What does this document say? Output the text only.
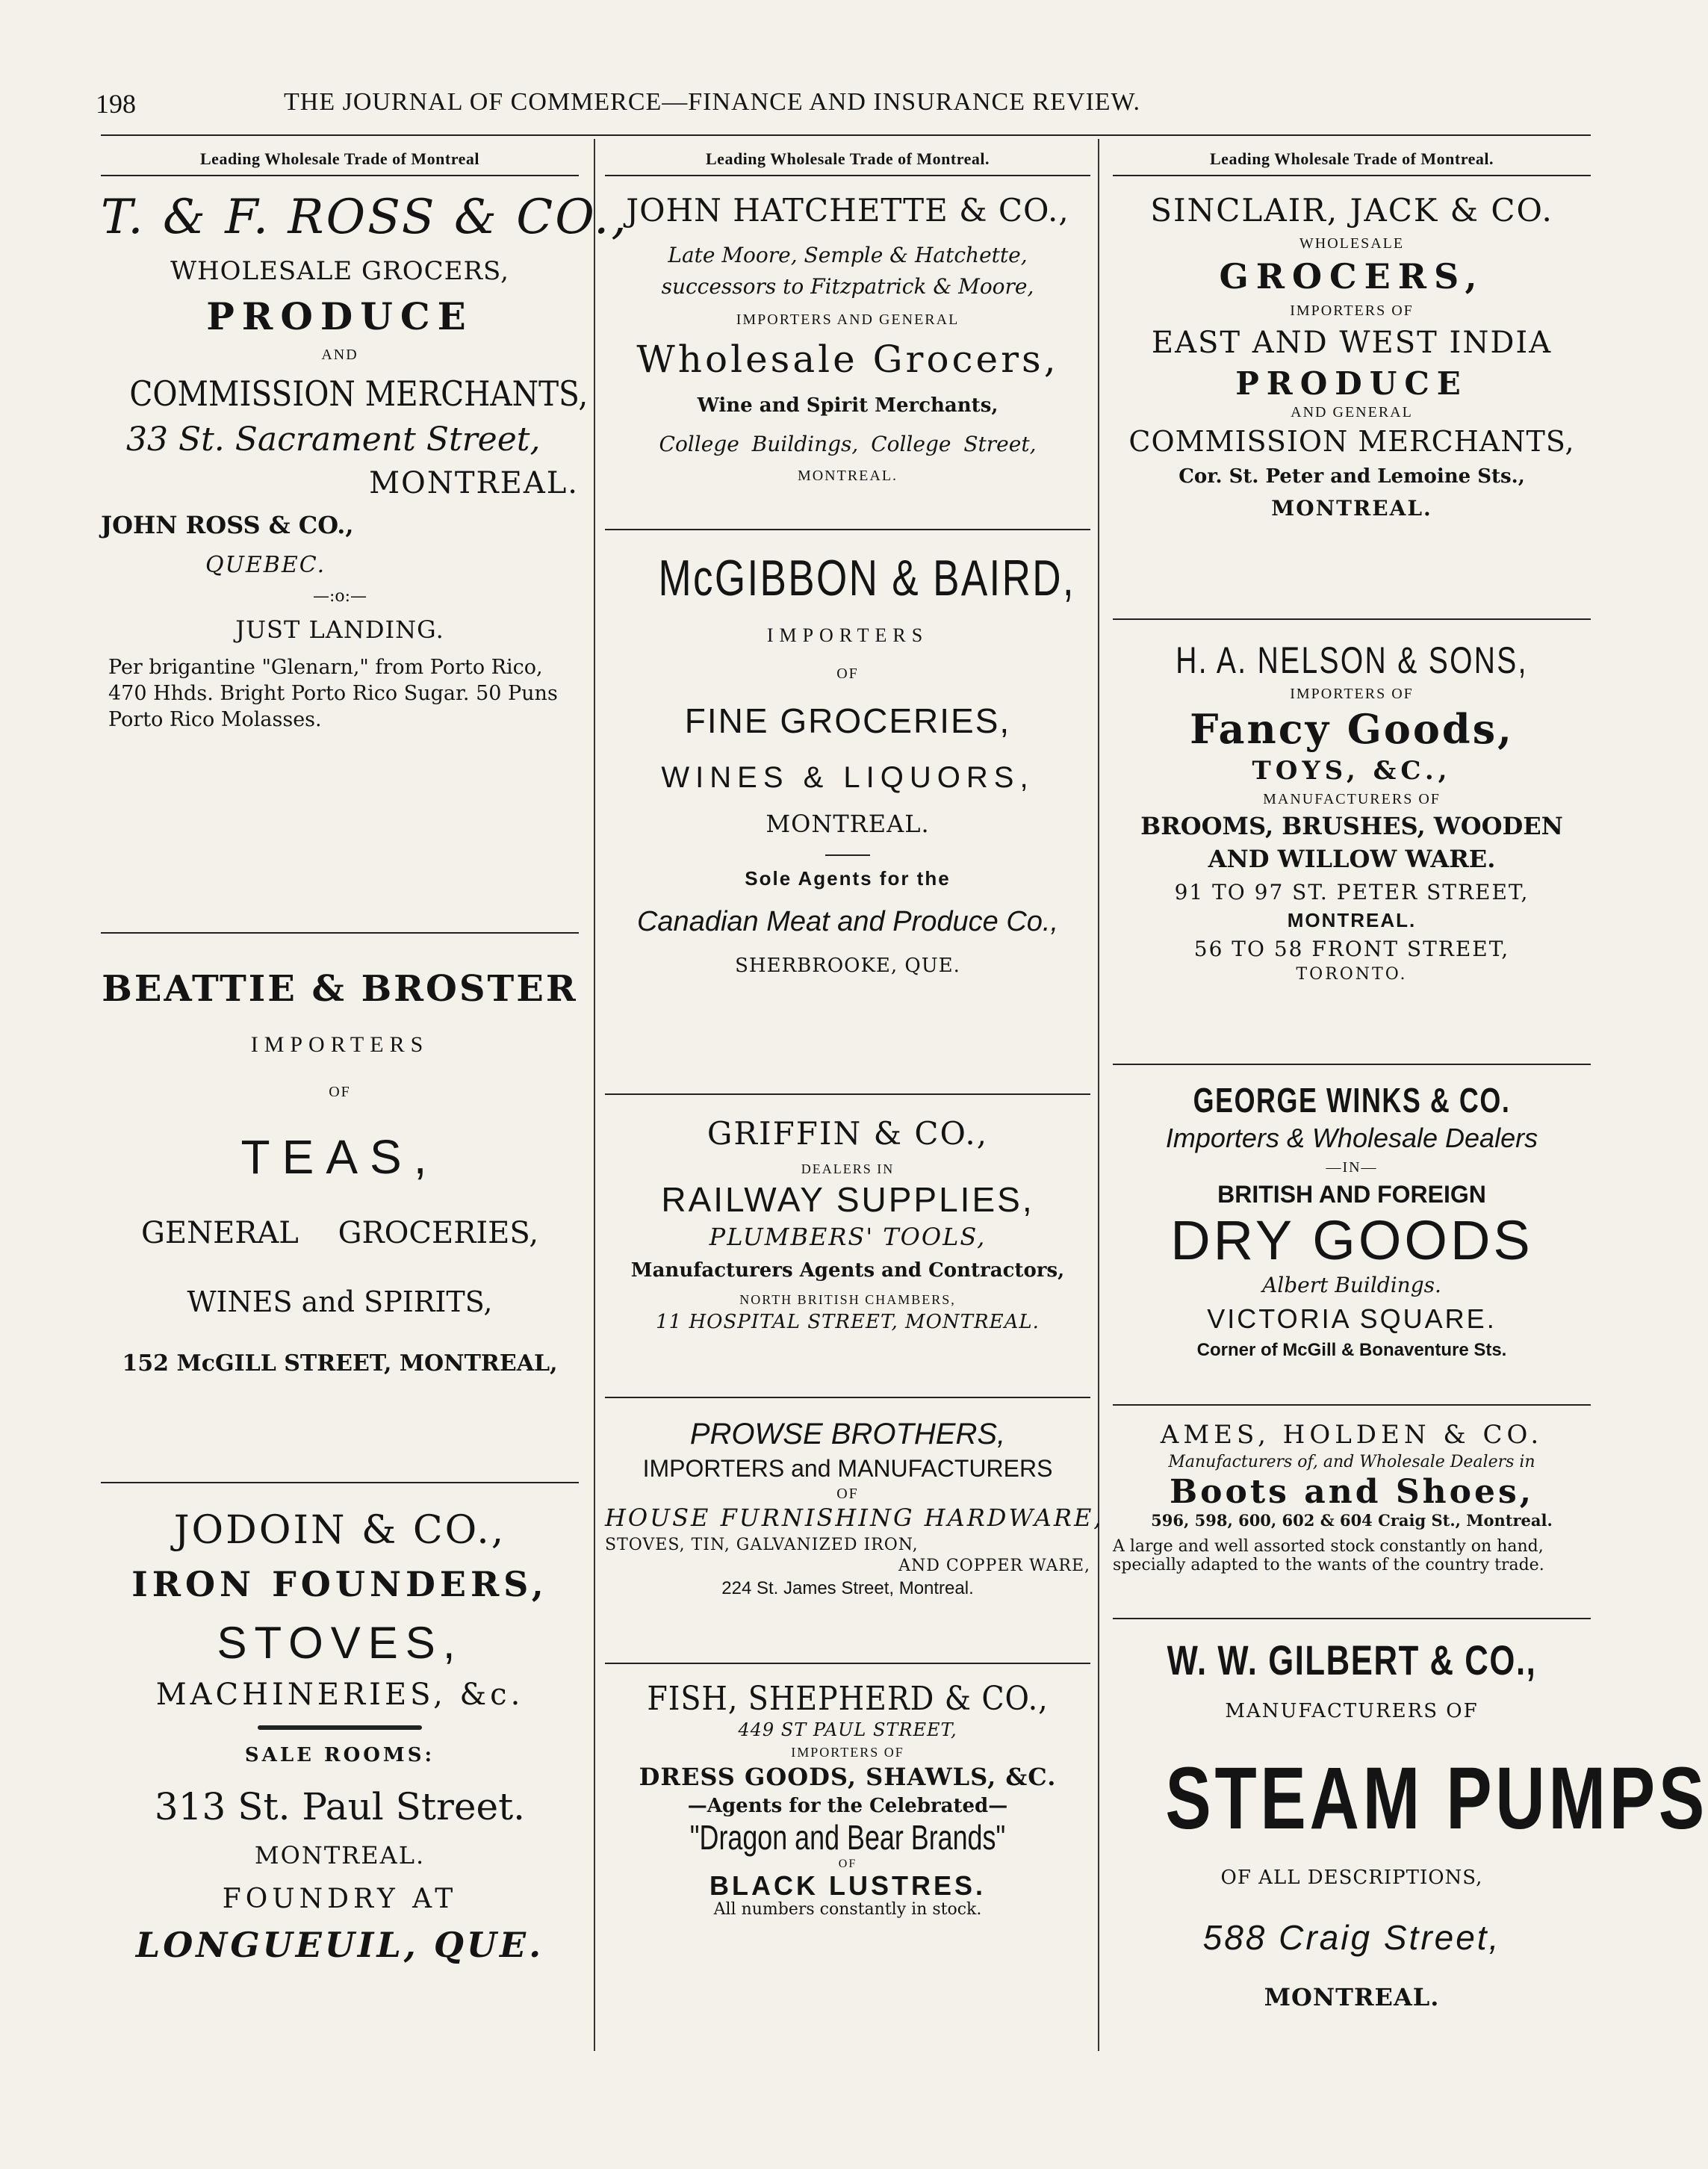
198	THE JOURNAL OF COMMERCE—FINANCE AND INSURANCE REVIEW.
Leading Wholesale Trade of Montreal
T. & F. ROSS & CO.,
WHOLESALE GROCERS,
PRODUCE
AND
COMMISSION MERCHANTS,
33 St. Sacrament Street,
MONTREAL.
JOHN ROSS & CO.,
QUEBEC.
—:o:—
JUST LANDING.
Per brigantine "Glenarn," from Porto Rico, 470 Hhds. Bright Porto Rico Sugar. 50 Puns Porto Rico Molasses.
BEATTIE & BROSTER
IMPORTERS
OF
TEAS,
GENERAL GROCERIES,
WINES and SPIRITS,
152 McGILL STREET, MONTREAL,
JODOIN & CO.,
IRON FOUNDERS,
STOVES,
MACHINERIES, &c.
SALE ROOMS:
313 St. Paul Street.
MONTREAL.
FOUNDRY AT
LONGUEUIL, QUE.
Leading Wholesale Trade of Montreal.
JOHN HATCHETTE & CO.,
Late Moore, Semple & Hatchette, successors to Fitzpatrick & Moore,
IMPORTERS AND GENERAL
Wholesale Grocers,
Wine and Spirit Merchants,
College Buildings, College Street,
MONTREAL.
McGIBBON & BAIRD,
IMPORTERS
OF
FINE GROCERIES,
WINES & LIQUORS,
MONTREAL.
Sole Agents for the
Canadian Meat and Produce Co.,
SHERBROOKE, QUE.
GRIFFIN & CO.,
DEALERS IN
RAILWAY SUPPLIES,
PLUMBERS' TOOLS,
Manufacturers Agents and Contractors,
NORTH BRITISH CHAMBERS,
11 HOSPITAL STREET, MONTREAL.
PROWSE BROTHERS,
IMPORTERS and MANUFACTURERS
OF
HOUSE FURNISHING HARDWARE,
STOVES, TIN, GALVANIZED IRON,
AND COPPER WARE,
224 St. James Street, Montreal.
FISH, SHEPHERD & CO.,
449 ST PAUL STREET,
IMPORTERS OF
DRESS GOODS, SHAWLS, &C.
—Agents for the Celebrated—
"Dragon and Bear Brands"
OF
BLACK LUSTRES.
All numbers constantly in stock.
Leading Wholesale Trade of Montreal.
SINCLAIR, JACK & CO.
WHOLESALE
GROCERS,
IMPORTERS OF
EAST AND WEST INDIA
PRODUCE
AND GENERAL
COMMISSION MERCHANTS,
Cor. St. Peter and Lemoine Sts.,
MONTREAL.
H. A. NELSON & SONS,
IMPORTERS OF
Fancy Goods,
TOYS, &C.,
MANUFACTURERS OF
BROOMS, BRUSHES, WOODEN
AND WILLOW WARE.
91 TO 97 ST. PETER STREET,
MONTREAL.
56 TO 58 FRONT STREET,
TORONTO.
GEORGE WINKS & CO.
Importers & Wholesale Dealers
—IN—
BRITISH AND FOREIGN
DRY GOODS
Albert Buildings.
VICTORIA SQUARE.
Corner of McGill & Bonaventure Sts.
AMES, HOLDEN & CO.
Manufacturers of, and Wholesale Dealers in
Boots and Shoes,
596, 598, 600, 602 & 604 Craig St., Montreal.
A large and well assorted stock constantly on hand, specially adapted to the wants of the country trade.
W. W. GILBERT & CO.,
MANUFACTURERS OF
STEAM PUMPS
OF ALL DESCRIPTIONS,
588 Craig Street,
MONTREAL.
